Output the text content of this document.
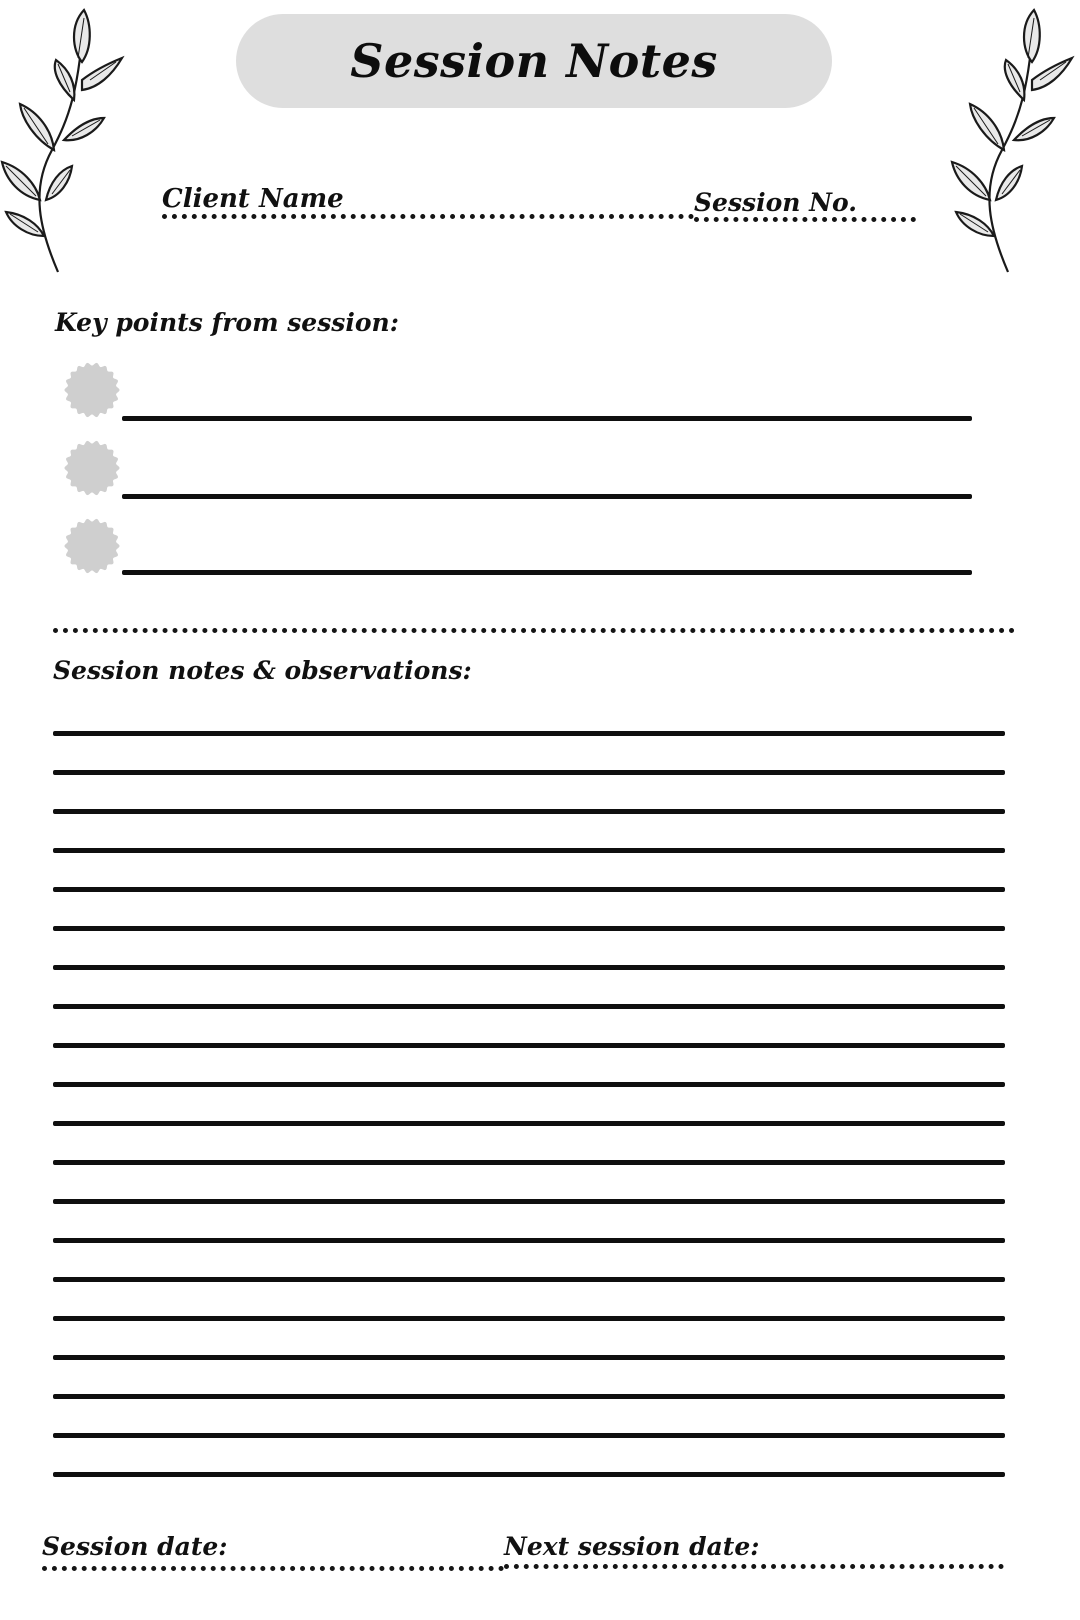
Session Notes
Client Name	Session No.
Key points from session:
Session notes & observations:
Session date:	Next session date:
